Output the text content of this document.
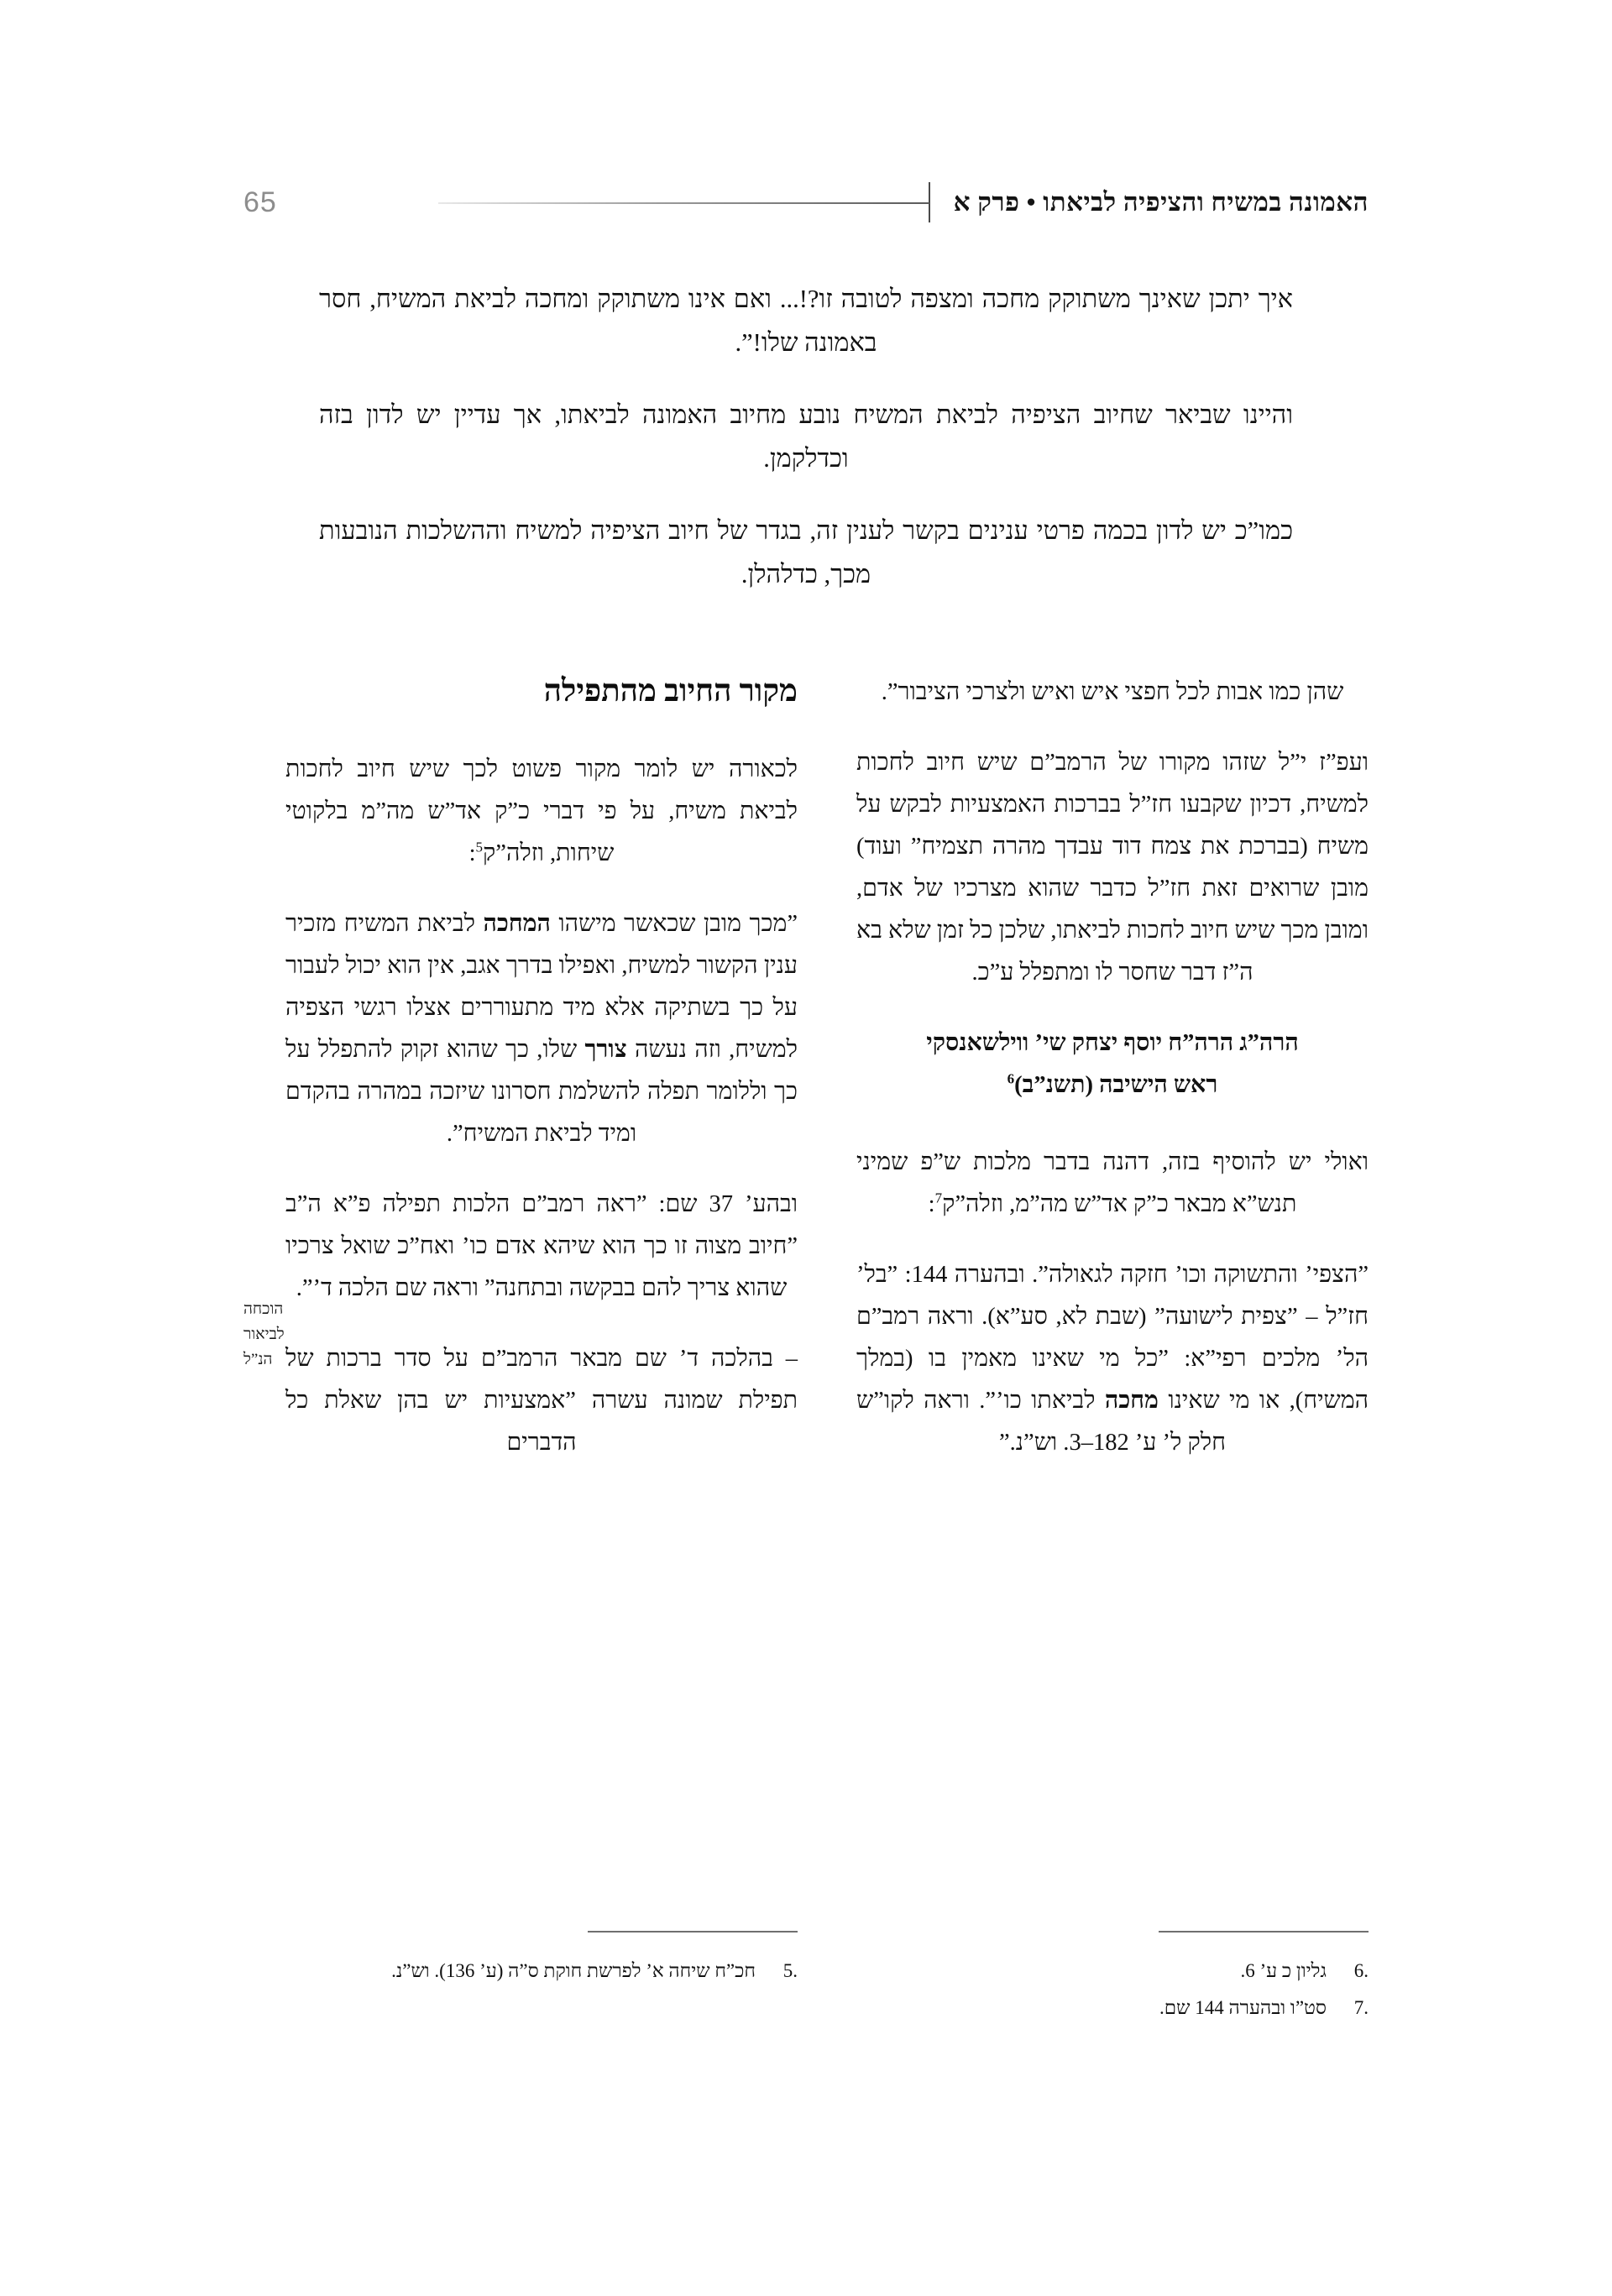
האמונה במשיח והציפיה לביאתו • פרק א
65

איך יתכן שאינך משתוקק מחכה ומצפה לטובה זו?!... ואם אינו משתוקק ומחכה לביאת המשיח, חסר באמונה שלו!”.

והיינו שביאר שחיוב הציפיה לביאת המשיח נובע מחיוב האמונה לביאתו, אך עדיין יש לדון בזה וכדלקמן.

כמו”כ יש לדון בכמה פרטי ענינים בקשר לענין זה, בגדר של חיוב הציפיה למשיח וההשלכות הנובעות מכך, כדלהלן.

מקור החיוב מהתפילה

לכאורה יש לומר מקור פשוט לכך שיש חיוב לחכות לביאת משיח, על פי דברי כ”ק אד”ש מה”מ בלקוטי שיחות, וזלה”ק$^5$:

”מכך מובן שכאשר מישהו המחכה לביאת המשיח מזכיר ענין הקשור למשיח, ואפילו בדרך אגב, אין הוא יכול לעבור על כך בשתיקה אלא מיד מתעוררים אצלו רגשי הצפיה למשיח, וזה נעשה צורך שלו, כך שהוא זקוק להתפלל על כך וללומר תפלה להשלמת חסרונו שיזכה במהרה בהקדם ומיד לביאת המשיח”.

ובהע’ 37 שם: ”ראה רמב”ם הלכות תפילה פ”א ה”ב ”חיוב מצוה זו כך הוא שיהא אדם כו’ ואח”כ שואל צרכיו שהוא צריך להם בבקשה ובתחנה” וראה שם הלכה ד’”.

– בהלכה ד’ שם מבאר הרמב”ם על סדר ברכות של תפילת שמונה עשרה ”אמצעיות יש בהן שאלת כל הדברים

שהן כמו אבות לכל חפצי איש ואיש ולצרכי הציבור”.

ועפ”ז י”ל שזהו מקורו של הרמב”ם שיש חיוב לחכות למשיח, דכיון שקבעו חז”ל בברכות האמצעיות לבקש על משיח (בברכת את צמח דוד עבדך מהרה תצמיח” ועוד) מובן שרואים זאת חז”ל כדבר שהוא מצרכיו של אדם, ומובן מכך שיש חיוב לחכות לביאתו, שלכן כל זמן שלא בא ה”ז דבר שחסר לו ומתפלל ע”כ.

הרה”ג הרה”ח יוסף יצחק שי’ ווילשאנסקי
ראש הישיבה (תשנ”ב)$^6$

ואולי יש להוסיף בזה, דהנה בדבר מלכות ש”פ שמיני תנש”א מבאר כ”ק אד”ש מה”מ, וזלה”ק$^7$:

”הצפי’ והתשוקה וכו’ חזקה לגאולה”. ובהערה 144: ”בל’ חז”ל – ”צפית לישועה” (שבת לא, סע”א). וראה רמב”ם הל’ מלכים רפי”א: ”כל מי שאינו מאמין בו (במלך המשיח), או מי שאינו מחכה לביאתו כו’”. וראה לקו”ש חלק ל’ ע’ 182–3. וש”נ.”

הוכחה
לביאור
הנ”ל
5.
חכ”ח שיחה א’ לפרשת חוקת ס”ה (ע’ 136). וש”נ.	6.
גליון כ ע’ 6.
7.
סט”ו ובהערה 144 שם.
